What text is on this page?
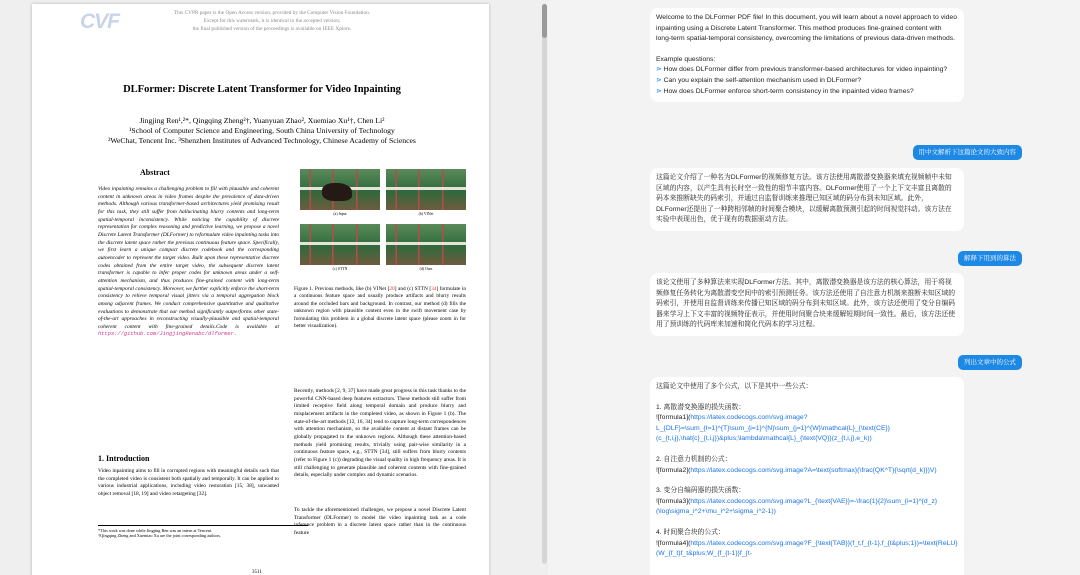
CVF	This CVPR paper is the Open Access version, provided by the Computer Vision Foundation.
Except for this watermark, it is identical to the accepted version;
the final published version of the proceedings is available on IEEE Xplore.
DLFormer: Discrete Latent Transformer for Video Inpainting
Jingjing Ren¹,²*, Qingqing Zheng²†, Yuanyuan Zhao², Xuemiao Xu¹†, Chen Li²
¹School of Computer Science and Engineering, South China University of Technology
²WeChat, Tencent Inc. ³Shenzhen Institutes of Advanced Technology, Chinese Academy of Sciences
Abstract

Video inpainting remains a challenging problem to fill with plausible and coherent content in unknown areas in video frames despite the prevalence of data-driven methods. Although various transformer-based architectures yield promising result for this task, they still suffer from hallucinating blurry contents and long-term spatial-temporal inconsistency. While noticing the capability of discrete representation for complex reasoning and predictive learning, we propose a novel Discrete Latent Transformer (DLFormer) to reformulate video inpainting tasks into the discrete latent space rather the previous continuous feature space. Specifically, we first learn a unique compact discrete codebook and the corresponding autoencoder to represent the target video. Built upon these representative discrete codes obtained from the entire target video, the subsequent discrete latent transformer is capable to infer proper codes for unknown areas under a self-attention mechanism, and thus produces fine-grained content with long-term spatial-temporal consistency. Moreover, we further explicitly enforce the short-term consistency to relieve temporal visual jitters via a temporal aggregation block among adjacent frames. We conduct comprehensive quantitative and qualitative evaluations to demonstrate that our method significantly outperforms other state-of-the-art approaches in reconstructing visually-plausible and spatial-temporal coherent content with fine-grained details.Code is available at https://github.com/JingjingRenabc/dlformer.

1. Introduction

Video inpainting aims to fill in corrupted regions with meaningful details such that the completed video is consistent both spatially and temporally. It can be applied to various industrial applications, including video restoration [15, 38], unwanted object removal [18, 19] and video retargeting [32].

*This work was done while Jingjing Ren was an intern at Tencent.
†Qingqing Zheng and Xuemiao Xu are the joint corresponding authors.
(a) Input	(b) VINet
(c) STTN	(d) Ours
Figure 1. Previous methods, like (b) VINet [20] and (c) STTN [34] formulate in a continuous feature space and usually produce artifacts and blurry results around the occluded bars and background. In contrast, our method (d) fills the unknown region with plausible content even in the swift movement case by formulating this problem in a global discrete latent space (please zoom in for better visualization).

Recently, methods [2, 9, 37] have made great progress in this task thanks to the powerful CNN-based deep features extractors. These methods still suffer from limited receptive field along temporal domain and produce blurry and misplacement artifacts in the completed video, as shown in Figure 1 (b). The state-of-the-art methods [12, 16, 34] tend to capture long-term correspondences with attention mechanism, so the available content at distant frames can be globally propagated to the unknown regions. Although these attention-based methods yield promising results, trivially using pair-wise similarity in a continuous feature space, e.g., STTN [34], still suffers from blurry contents (refer to Figure 1 (c)) degrading the visual quality in high frequency areas. It is still challenging to generate plausible and coherent contents with fine-grained details, especially under complex and dynamic scenarios.

To tackle the aforementioned challenges, we propose a novel Discrete Latent Transformer (DLFormer) to model the video inpainting task as a code inference problem in a discrete latent space rather than in the continuous feature

3511

Welcome to the DLFormer PDF file! In this document, you will learn about a novel approach to video inpainting using a Discrete Latent Transformer. This method produces fine-grained content with long-term spatial-temporal consistency, overcoming the limitations of previous data-driven methods.

Example questions:

⋗ How does DLFormer differ from previous transformer-based architectures for video inpainting?

⋗ Can you explain the self-attention mechanism used in DLFormer?

⋗ How does DLFormer enforce short-term consistency in the inpainted video frames?

用中文解析下这篇论文的大致内容

这篇论文介绍了一种名为DLFormer的视频修复方法。该方法使用离散潜变换器来填充视频帧中未知区域的内容，以产生具有长时空一致性的细节丰富内容。DLFormer使用了一个上下文丰富且离散的码本来推断缺失的码索引，并通过自监督训练来推理已知区域的码分布到未知区域。此外，DLFormer还提出了一种跨相邻帧的时间聚合模块，以缓解离散预测引起的时间视觉抖动。该方法在实验中表现出色，优于现有的数据驱动方法。

解释下用到的算法

该论文使用了多种算法来实现DLFormer方法。其中，离散潜变换器是该方法的核心算法，用于将视频修复任务转化为离散潜变空间中的索引预测任务。该方法还使用了自注意力机制来推断未知区域的码索引，并使用自监督训练来传播已知区域的码分布到未知区域。此外，该方法还使用了变分自编码器来学习上下文丰富的视频特征表示，并使用时间聚合块来缓解短期时间一致性。最后，该方法还使用了预训练的代码库来加速和简化代码本的学习过程。

列出文章中的公式

这篇论文中使用了多个公式，以下是其中一些公式：

1. 离散潜变换器的损失函数：

![formula1](https://latex.codecogs.com/svg.image?L_{DLF}=\sum_{t=1}^{T}\sum_{i=1}^{N}\sum_{j=1}^{W}\mathcal{L}_{\text{CE}}(c_{t,i,j},\hat{c}_{t,i,j})&plus;\lambda\mathcal{L}_{\text{VQ}}(z_{t,i,j},e_k))

2. 自注意力机制的公式：

![formula2](https://latex.codecogs.com/svg.image?A=\text{softmax}(\frac{QK^T}{\sqrt{d_k}})V)

3. 变分自编码器的损失函数：

![formula3](https://latex.codecogs.com/svg.image?L_{\text{VAE}}=-\frac{1}{2}\sum_{i=1}^{d_z}(\log\sigma_i^2+\mu_i^2+\sigma_i^2-1))

4. 时间聚合块的公式：

![formula4](https://latex.codecogs.com/svg.image?F_{\text{TAB}}(f_t,f_{t-1},f_{t&plus;1})=\text{ReLU}(W_{f_t}f_t&plus;W_{f_{t-1}}f_{t-
